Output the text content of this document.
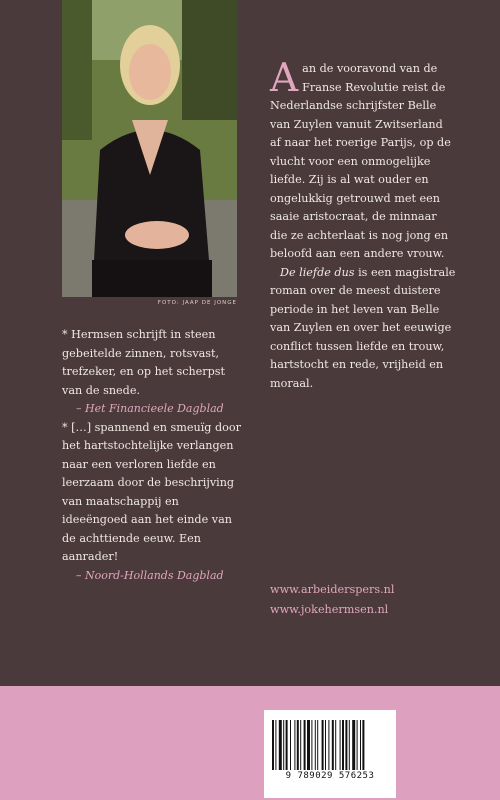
FOTO: JAAP DE JONGE

* Hermsen schrijft in steen gebeitelde zinnen, rotsvast, trefzeker, en op het scherpst van de snede.

– Het Financieele Dagblad

* […] spannend en smeuïg door het hartstochtelijke verlangen naar een verloren liefde en leerzaam door de beschrijving van maatschappij en ideeëngoed aan het einde van de achttiende eeuw. Een aanrader!

– Noord-Hollands Dagblad

Aan de vooravond van de Franse Revolutie reist de Nederlandse schrijfster Belle van Zuylen vanuit Zwitserland af naar het roerige Parijs, op de vlucht voor een onmogelijke liefde. Zij is al wat ouder en ongelukkig getrouwd met een saaie aristocraat, de minnaar die ze achterlaat is nog jong en beloofd aan een andere vrouw.

De liefde dus is een magistrale roman over de meest duistere periode in het leven van Belle van Zuylen en over het eeuwige conflict tussen liefde en trouw, hartstocht en rede, vrijheid en moraal.

www.arbeiderspers.nl
www.jokehermsen.nl
9 789029 576253
